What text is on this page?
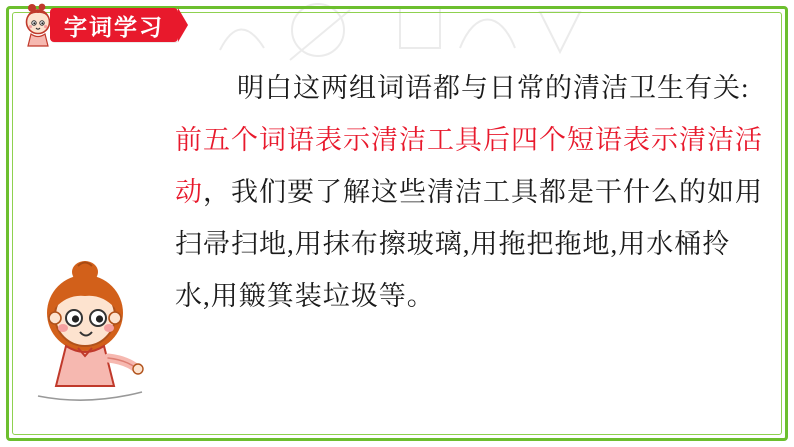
字词学习
明白这两组词语都与日常的清洁卫生有关:前五个词语表示清洁工具后四个短语表示清洁活动，我们要了解这些清洁工具都是干什么的如用扫帚扫地,用抹布擦玻璃,用拖把拖地,用水桶拎水,用簸箕装垃圾等。
